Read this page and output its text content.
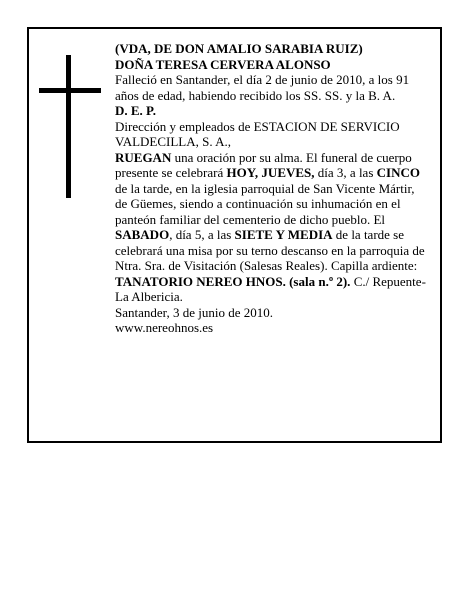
(VDA, DE DON AMALIO SARABIA RUIZ)
DOÑA TERESA CERVERA ALONSO
Falleció en Santander, el día 2 de junio de 2010, a los 91 años de edad, habiendo recibido los SS. SS. y la B. A.
D. E. P.
Dirección y empleados de ESTACION DE SERVICIO VALDECILLA, S. A.,
RUEGAN una oración por su alma. El funeral de cuerpo presente se celebrará HOY, JUEVES, día 3, a las CINCO de la tarde, en la iglesia parroquial de San Vicente Mártir, de Güemes, siendo a continuación su inhumación en el panteón familiar del cementerio de dicho pueblo. El SABADO, día 5, a las SIETE Y MEDIA de la tarde se celebrará una misa por su terno descanso en la parroquia de Ntra. Sra. de Visitación (Salesas Reales). Capilla ardiente: TANATORIO NEREO HNOS. (sala n.º 2). C./ Repuente-La Albericia.
Santander, 3 de junio de 2010.
www.nereohnos.es
